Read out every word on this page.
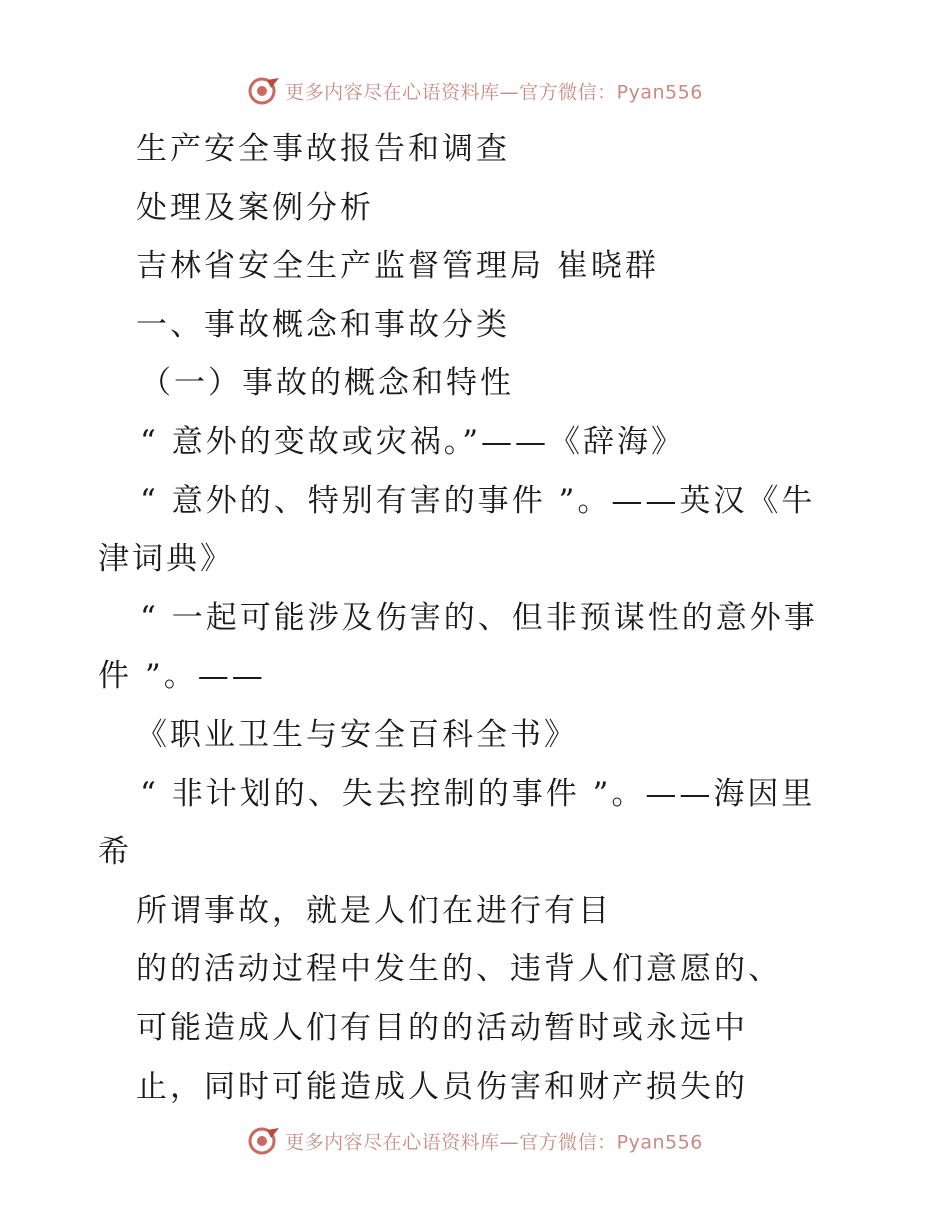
更多内容尽在心语资料库—官方微信：Pyan556
生产安全事故报告和调查
处理及案例分析
吉林省安全生产监督管理局 崔晓群
一、事故概念和事故分类
（一）事故的概念和特性
“ 意外的变故或灾祸。”——《辞海》
“ 意外的、特别有害的事件 ”。——英汉《牛
津词典》
“ 一起可能涉及伤害的、但非预谋性的意外事
件 ”。——
《职业卫生与安全百科全书》
“ 非计划的、失去控制的事件 ”。——海因里
希
所谓事故，就是人们在进行有目
的的活动过程中发生的、违背人们意愿的、
可能造成人们有目的的活动暂时或永远中
止，同时可能造成人员伤害和财产损失的
更多内容尽在心语资料库—官方微信：Pyan556
